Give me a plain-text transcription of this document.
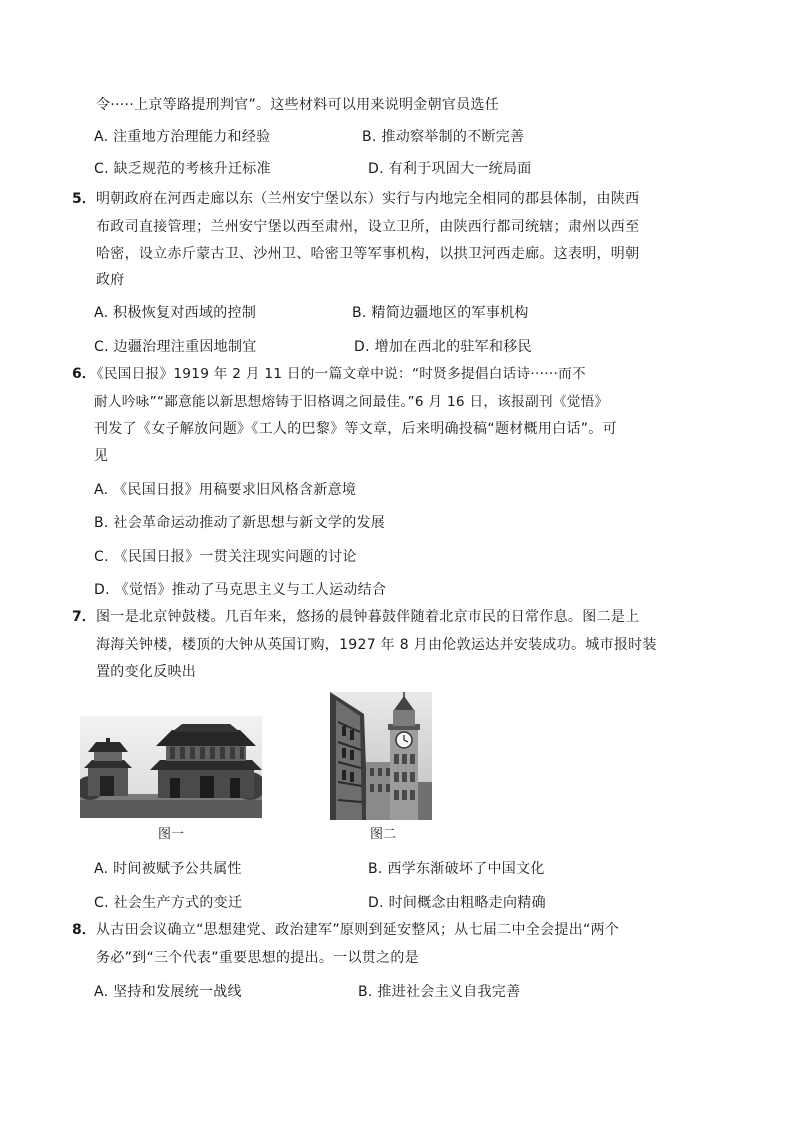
令·····上京等路提刑判官”。这些材料可以用来说明金朝官员选任
A. 注重地方治理能力和经验	B. 推动察举制的不断完善
C. 缺乏规范的考核升迁标准	D. 有利于巩固大一统局面
5． 明朝政府在河西走廊以东（兰州安宁堡以东）实行与内地完全相同的郡县体制，由陕西
布政司直接管理；兰州安宁堡以西至肃州，设立卫所，由陕西行都司统辖；肃州以西至
哈密，设立赤斤蒙古卫、沙州卫、哈密卫等军事机构，以拱卫河西走廊。这表明，明朝
政府
A. 积极恢复对西域的控制	B. 精简边疆地区的军事机构
C. 边疆治理注重因地制宜	D. 增加在西北的驻军和移民
6．
《民国日报》1919 年 2 月 11 日的一篇文章中说：“时贤多提倡白话诗······而不
耐人吟咏”“鄙意能以新思想熔铸于旧格调之间最佳。”6 月 16 日，该报副刊《觉悟》
刊发了《女子解放问题》《工人的巴黎》等文章，后来明确投稿“题材概用白话”。可
见
A. 《民国日报》用稿要求旧风格含新意境
B. 社会革命运动推动了新思想与新文学的发展
C. 《民国日报》一贯关注现实问题的讨论
D. 《觉悟》推动了马克思主义与工人运动结合
7． 图一是北京钟鼓楼。几百年来，悠扬的晨钟暮鼓伴随着北京市民的日常作息。图二是上
海海关钟楼，楼顶的大钟从英国订购，1927 年 8 月由伦敦运达并安装成功。城市报时装
置的变化反映出
图一	图二
A. 时间被赋予公共属性	B. 西学东渐破坏了中国文化
C. 社会生产方式的变迁	D. 时间概念由粗略走向精确
8． 从古田会议确立“思想建党、政治建军”原则到延安整风；从七届二中全会提出“两个
务必”到“三个代表”重要思想的提出。一以贯之的是
A. 坚持和发展统一战线	B. 推进社会主义自我完善
